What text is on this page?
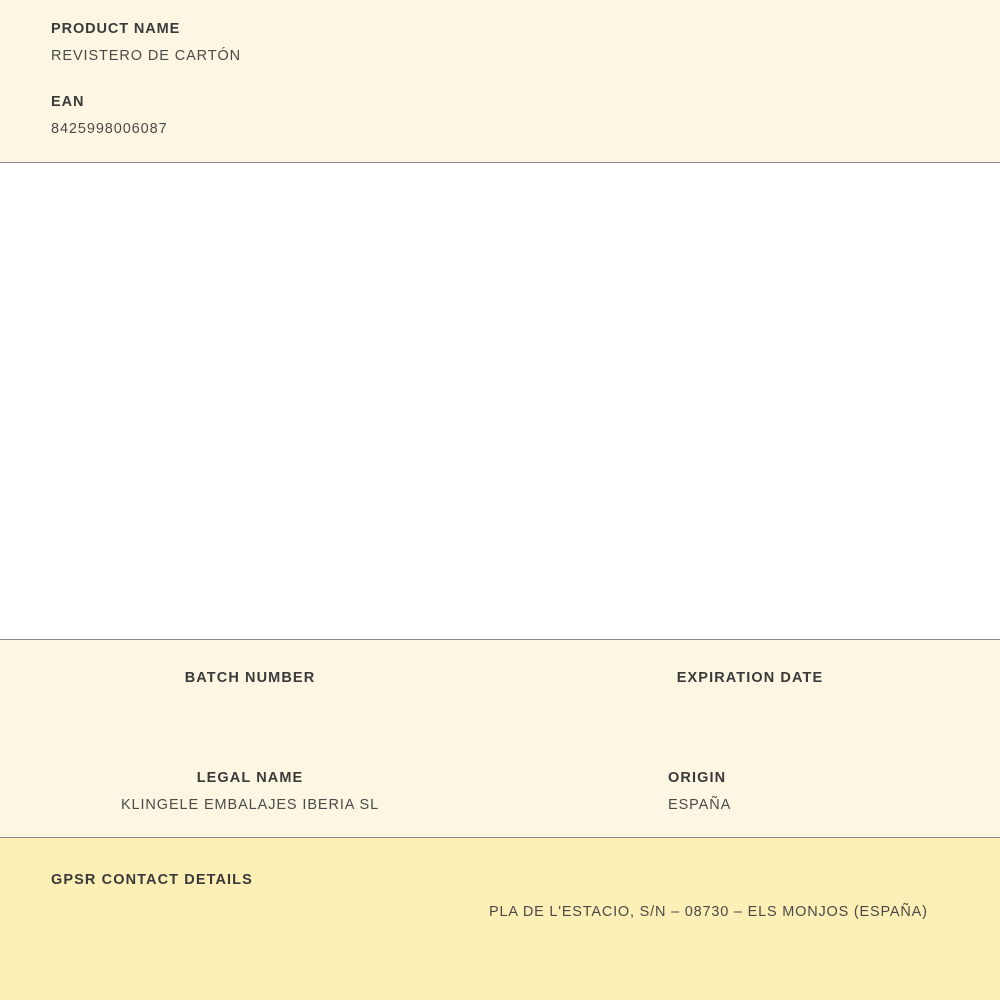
PRODUCT NAME
REVISTERO DE CARTÓN
EAN
8425998006087
BATCH NUMBER	EXPIRATION DATE
LEGAL NAME
KLINGELE EMBALAJES IBERIA SL
ORIGIN
ESPAÑA
GPSR CONTACT DETAILS
PLA DE L'ESTACIO, S/N – 08730 – ELS MONJOS (ESPAÑA)
